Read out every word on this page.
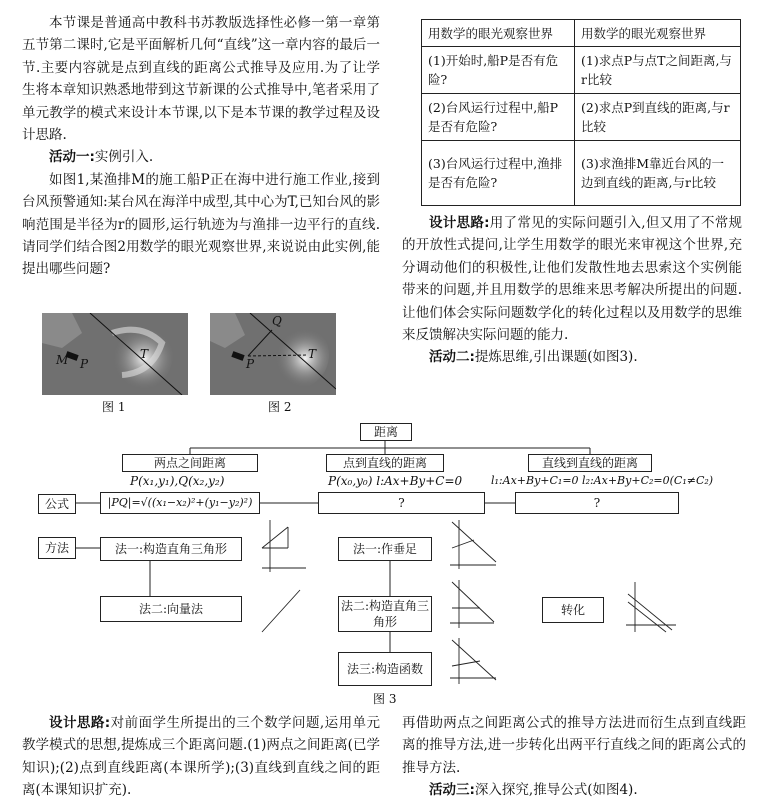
本节课是普通高中教科书苏教版选择性必修一第一章第五节第二课时,它是平面解析几何“直线”这一章内容的最后一节.主要内容就是点到直线的距离公式推导及应用.为了让学生将本章知识熟悉地带到这节新课的公式推导中,笔者采用了单元教学的模式来设计本节课,以下是本节课的教学过程及设计思路.

活动一:实例引入.

如图1,某渔排M的施工船P正在海中进行施工作业,接到台风预警通知:某台风在海洋中成型,其中心为T,已知台风的影响范围是半径为r的圆形,运行轨迹为与渔排一边平行的直线.请同学们结合图2用数学的眼光观察世界,来说说由此实例,能提出哪些问题?

M P
T
图 1
Q
P
T
图 2
用数学的眼光观察世界	用数学的眼光观察世界
(1)开始时,船P是否有危险?	(1)求点P与点T之间距离,与r比较
(2)台风运行过程中,船P是否有危险?	(2)求点P到直线的距离,与r比较
(3)台风运行过程中,渔排是否有危险?	(3)求渔排M靠近台风的一边到直线的距离,与r比较

设计思路:用了常见的实际问题引入,但又用了不常规的开放性式提问,让学生用数学的眼光来审视这个世界,充分调动他们的积极性,让他们发散性地去思索这个实例能带来的问题,并且用数学的思维来思考解决所提出的问题.让他们体会实际问题数学化的转化过程以及用数学的思维来反馈解决实际问题的能力.

活动二:提炼思维,引出课题(如图3).

距离
两点之间距离	点到直线的距离	直线到直线的距离
P(x₁,y₁),Q(x₂,y₂)	P(x₀,y₀) l:Ax+By+C=0	l₁:Ax+By+C₁=0 l₂:Ax+By+C₂=0(C₁≠C₂)
公式	|PQ|=√((x₁−x₂)²+(y₁−y₂)²)	?	?
方法	法一:构造直角三角形
法二:向量法
法一:作垂足
法二:构造直角三角形
法三:构造函数
转化
图 3

设计思路:对前面学生所提出的三个数学问题,运用单元教学模式的思想,提炼成三个距离问题.(1)两点之间距离(已学知识);(2)点到直线距离(本课所学);(3)直线到直线之间的距离(本课知识扩充).

再借助两点之间距离公式的推导方法进而衍生点到直线距离的推导方法,进一步转化出两平行直线之间的距离公式的推导方法.

活动三:深入探究,推导公式(如图4).
